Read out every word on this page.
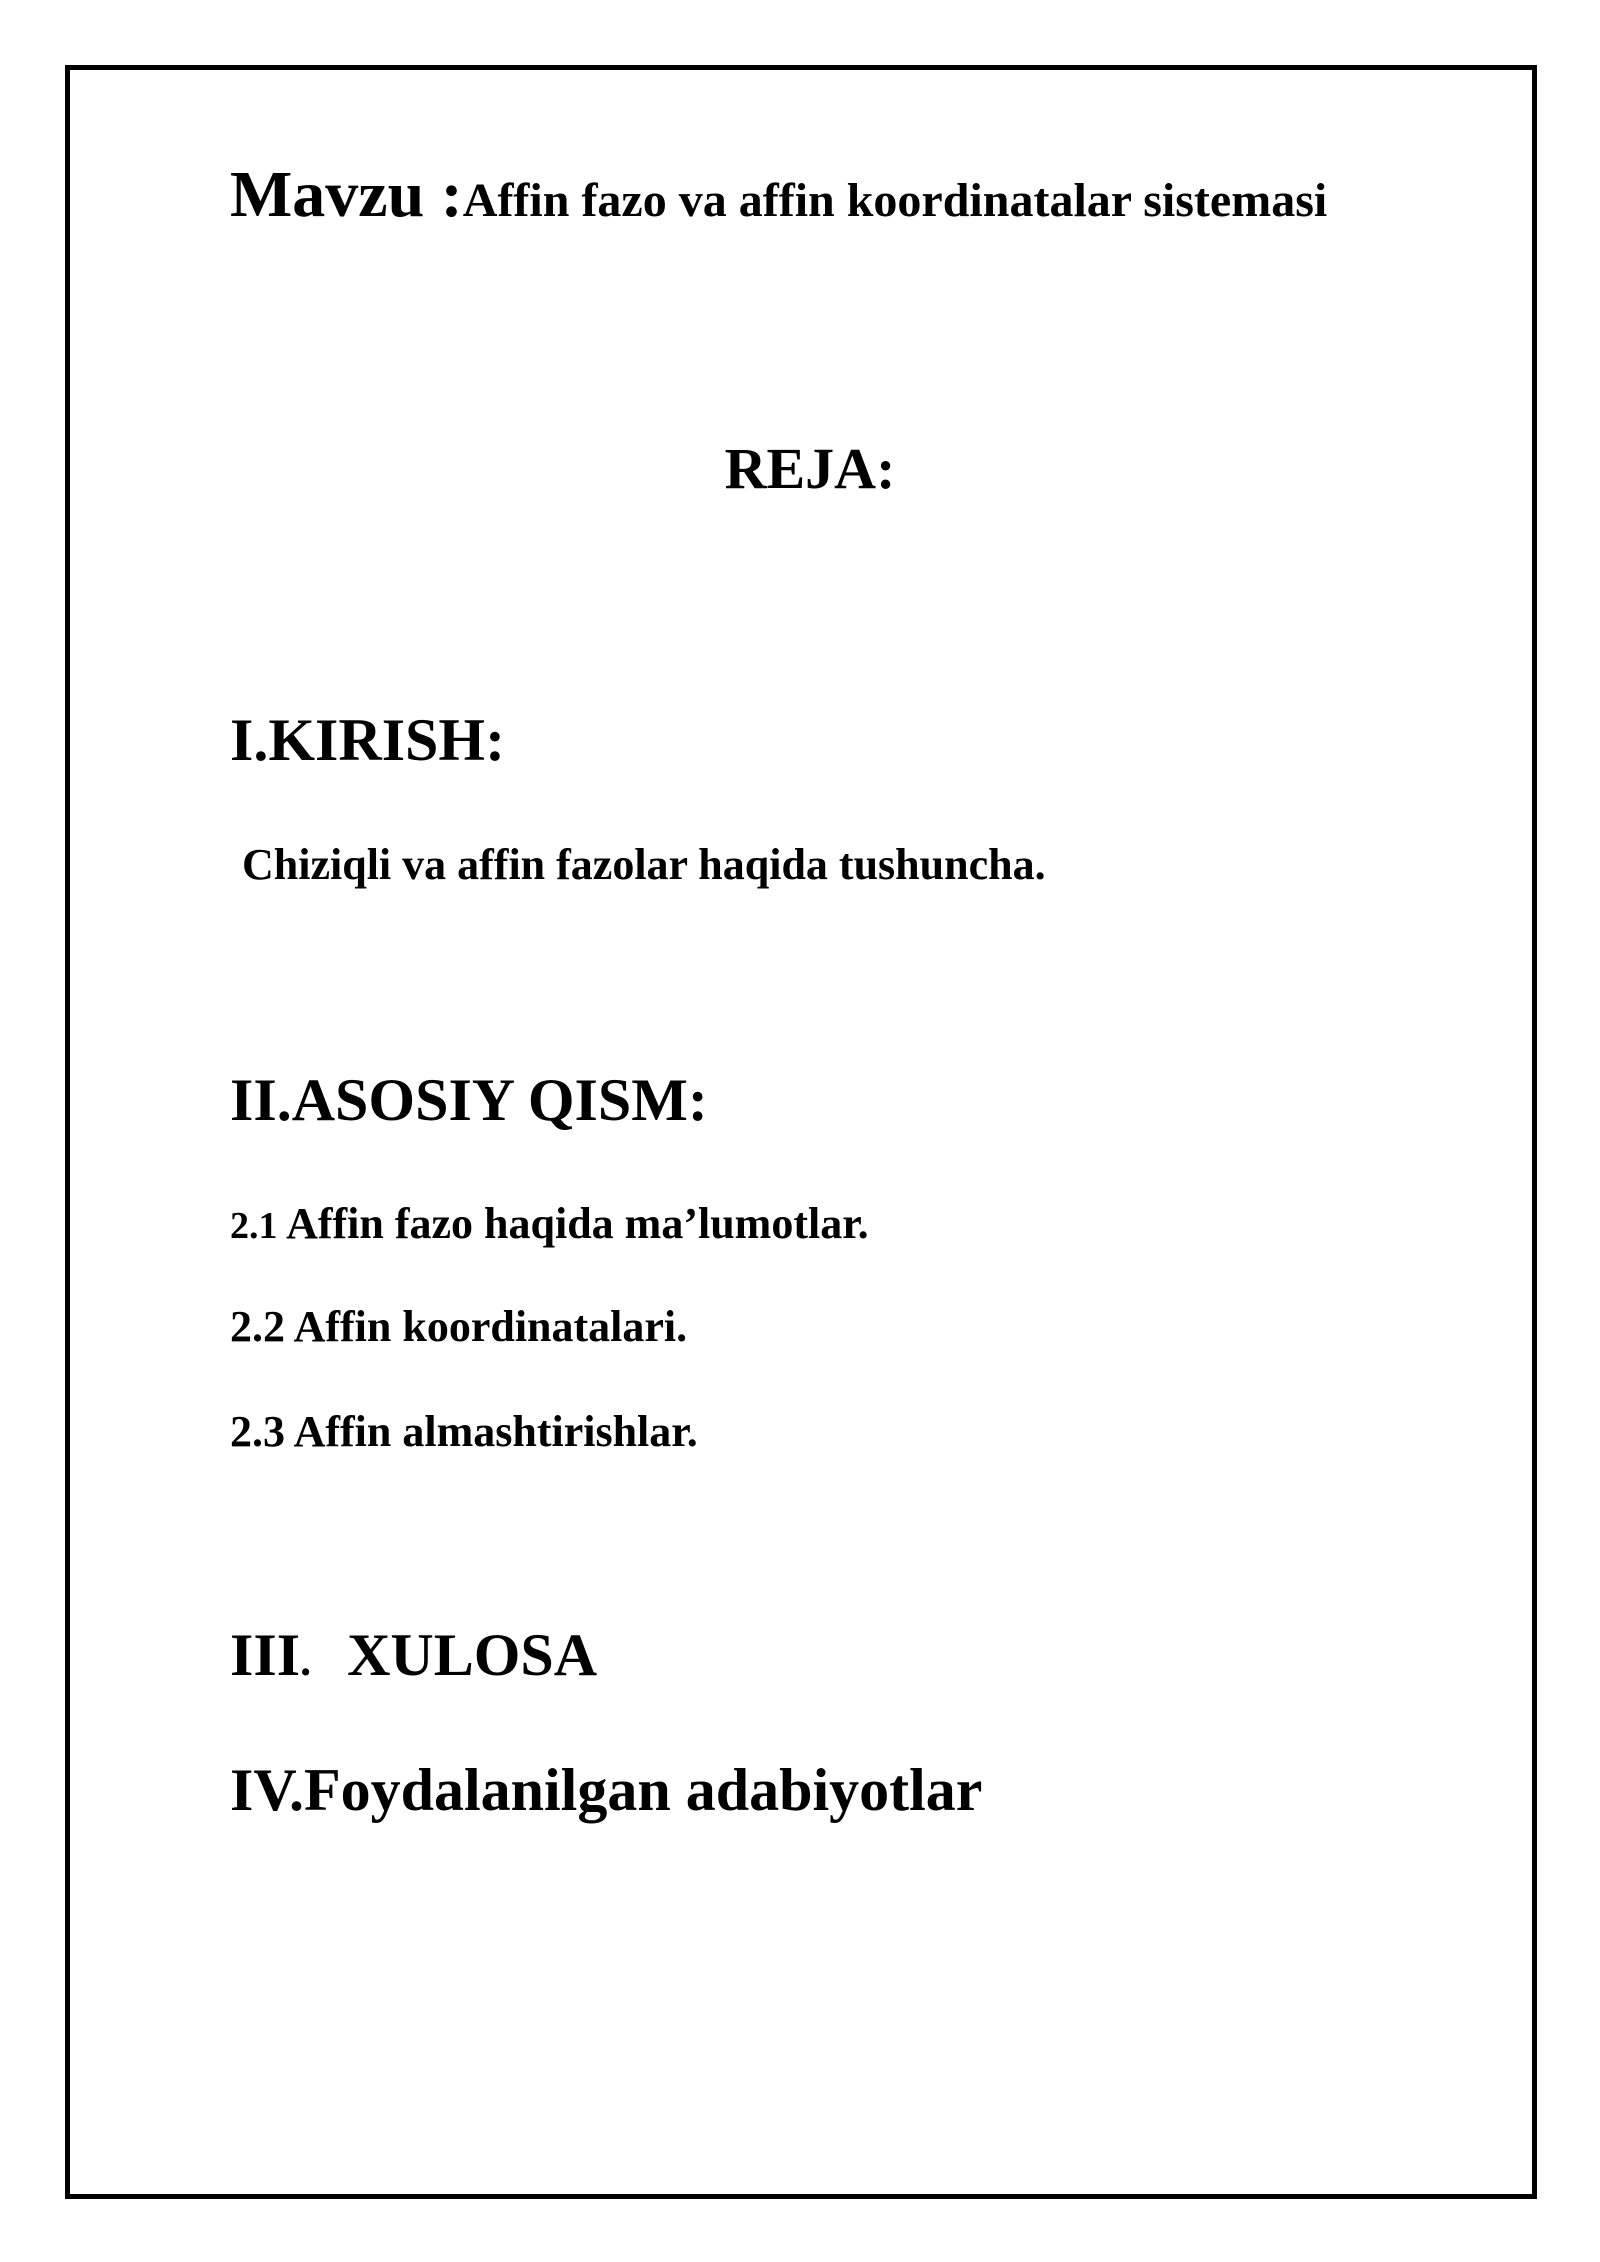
Mavzu :Affin fazo va affin koordinatalar sistemasi
REJA:
I.KIRISH:

Chiziqli va affin fazolar haqida tushuncha.

II.ASOSIY QISM:

2.1 Affin fazo haqida ma’lumotlar.

2.2 Affin koordinatalari.

2.3 Affin almashtirishlar.

III. XULOSA
IV.Foydalanilgan adabiyotlar
